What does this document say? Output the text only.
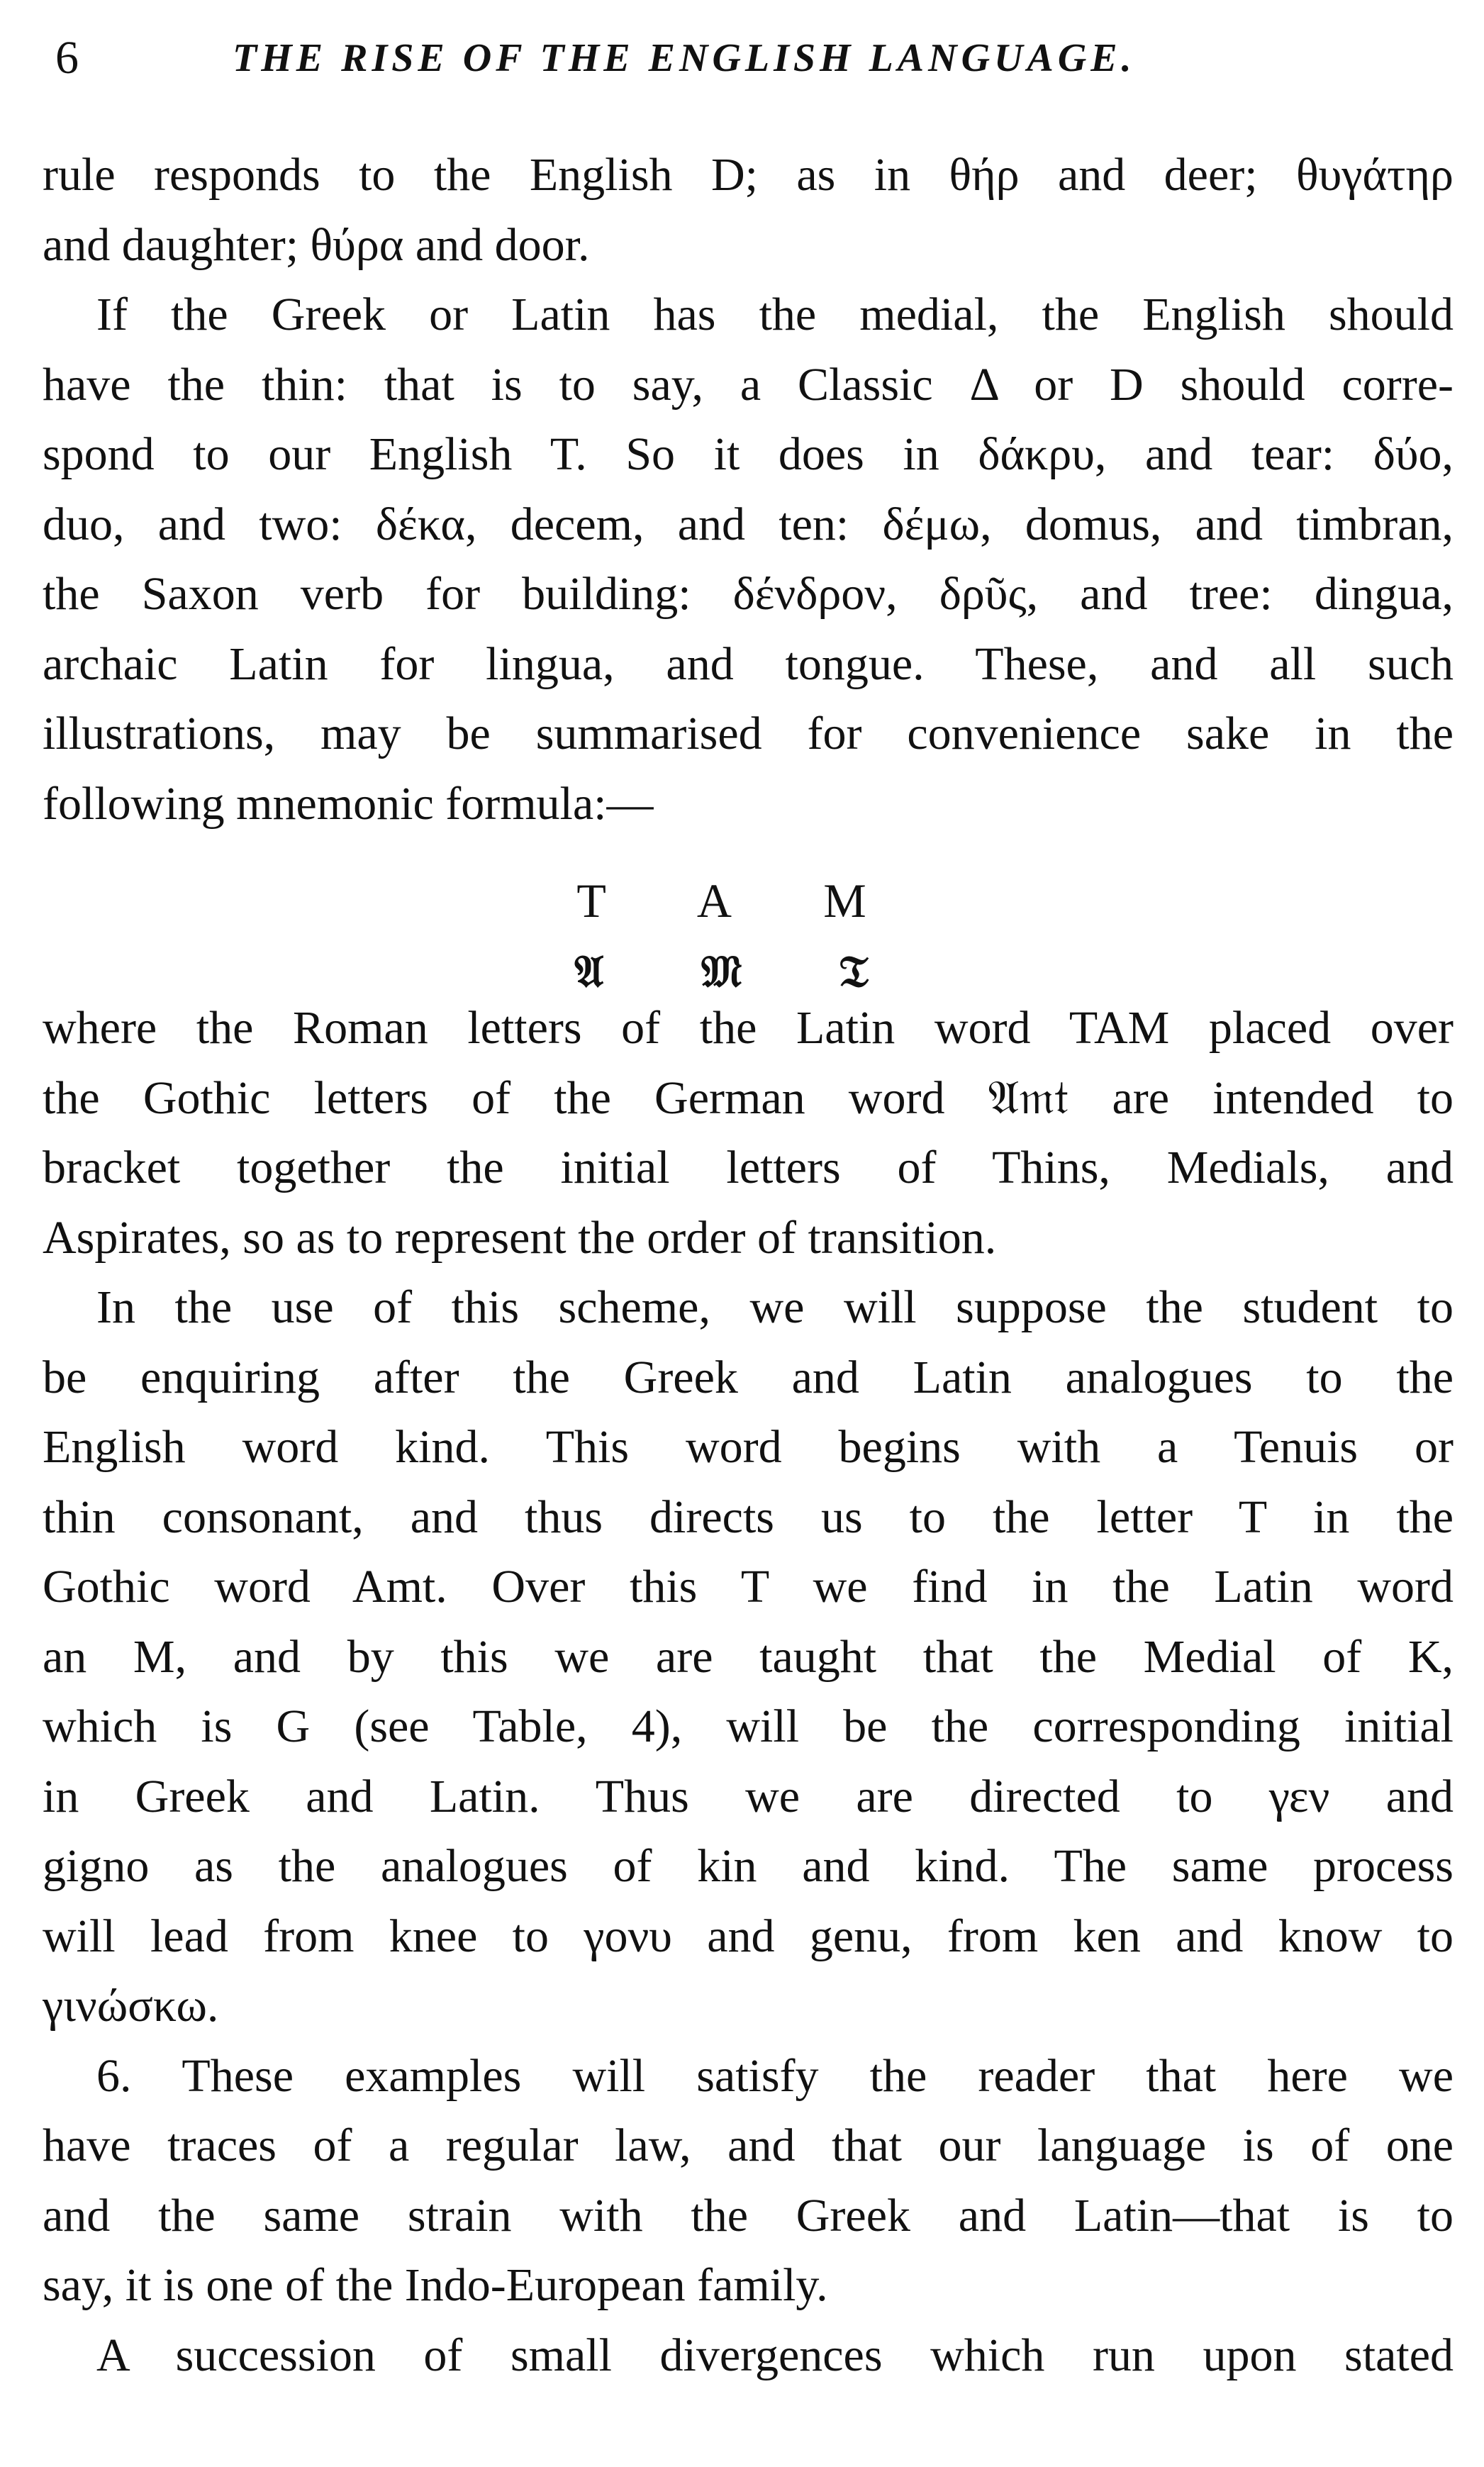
6	THE RISE OF THE ENGLISH LANGUAGE.
rule responds to the English D; as in θήρ and deer; θυγάτηρ
and daughter; θύρα and door.
If the Greek or Latin has the medial, the English should
have the thin: that is to say, a Classic Δ or D should corre-
spond to our English T. So it does in δάκρυ, and tear: δύο,
duo, and two: δέκα, decem, and ten: δέμω, domus, and timbran,
the Saxon verb for building: δένδρον, δρῦς, and tree: dingua,
archaic Latin for lingua, and tongue. These, and all such
illustrations, may be summarised for convenience sake in the
following mnemonic formula:—
where the Roman letters of the Latin word TAM placed over
the Gothic letters of the German word 𝔄𝔪𝔱 are intended to
bracket together the initial letters of Thins, Medials, and
Aspirates, so as to represent the order of transition.
In the use of this scheme, we will suppose the student to
be enquiring after the Greek and Latin analogues to the
English word kind. This word begins with a Tenuis or
thin consonant, and thus directs us to the letter T in the
Gothic word Amt. Over this T we find in the Latin word
an M, and by this we are taught that the Medial of K,
which is G (see Table, 4), will be the corresponding initial
in Greek and Latin. Thus we are directed to γεν and
gigno as the analogues of kin and kind. The same process
will lead from knee to γονυ and genu, from ken and know to
γινώσκω.
6. These examples will satisfy the reader that here we
have traces of a regular law, and that our language is of one
and the same strain with the Greek and Latin—that is to
say, it is one of the Indo-European family.
A succession of small divergences which run upon stated
T A M
𝔄 𝔐 𝔗
